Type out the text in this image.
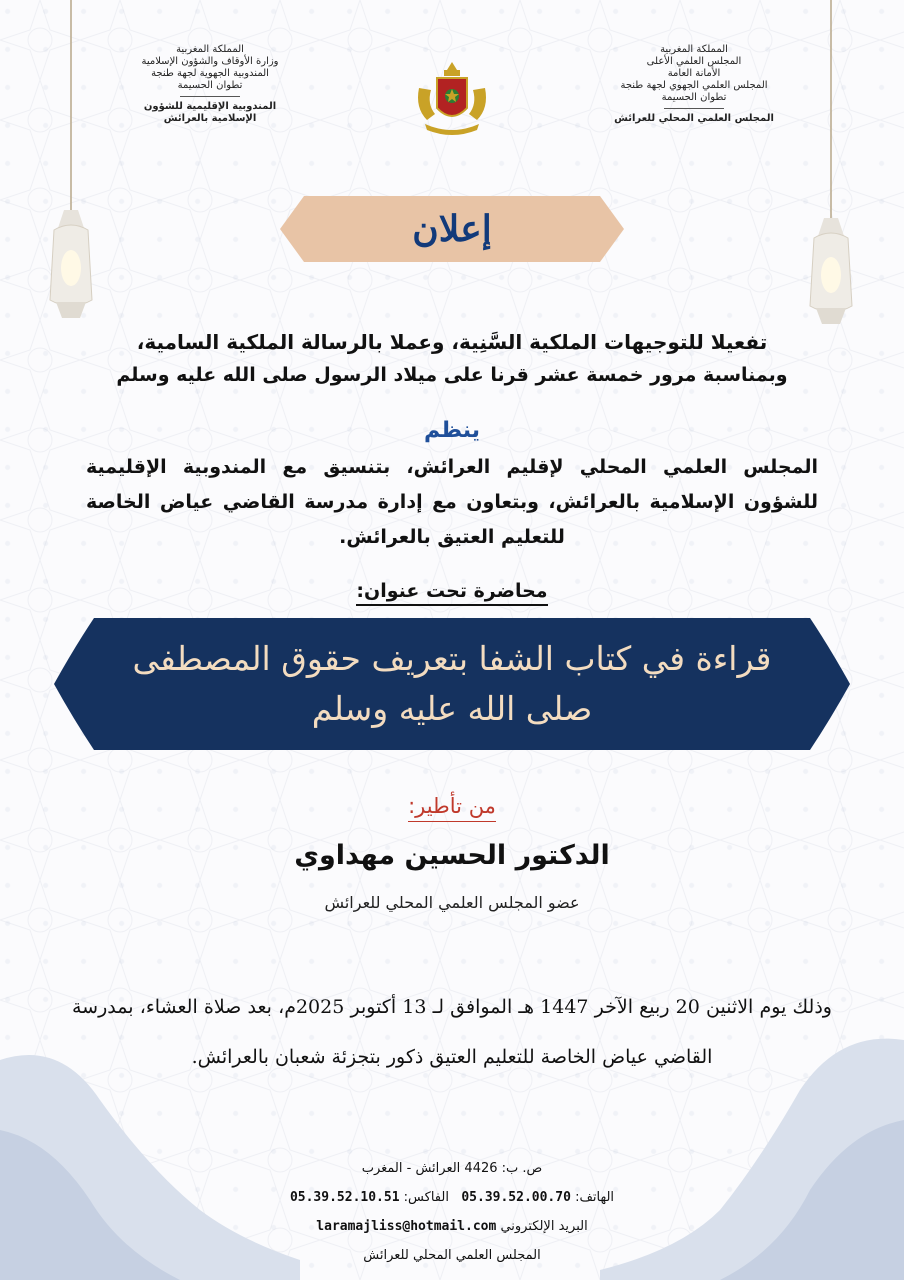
المملكة المغربية
المجلس العلمي الأعلى
الأمانة العامة
المجلس العلمي الجهوي لجهة طنجة
تطوان الحسيمة
المجلس العلمي المحلي للعرائش
المملكة المغربية
وزارة الأوقاف والشؤون الإسلامية
المندوبية الجهوية لجهة طنجة
تطوان الحسيمة
المندوبية الإقليمية للشؤون
الإسلامية بالعرائش
إعلان
تفعيلا للتوجيهات الملكية السَّنِية، وعملا بالرسالة الملكية السامية،
وبمناسبة مرور خمسة عشر قرنا على ميلاد الرسول صلى الله عليه وسلم
ينظم
المجلس العلمي المحلي لإقليم العرائش، بتنسيق مع المندوبية الإقليمية للشؤون الإسلامية بالعرائش، وبتعاون مع إدارة مدرسة القاضي عياض الخاصة للتعليم العتيق بالعرائش.
محاضرة تحت عنوان:
قراءة في كتاب الشفا بتعريف حقوق المصطفى
صلى الله عليه وسلم
من تأطير:
الدكتور الحسين مهداوي
عضو المجلس العلمي المحلي للعرائش
وذلك يوم الاثنين 20 ربيع الآخر 1447 هـ الموافق لـ 13 أكتوبر 2025م، بعد صلاة العشاء، بمدرسة القاضي عياض الخاصة للتعليم العتيق ذكور بتجزئة شعبان بالعرائش.
ص. ب: 4426 العرائش - المغرب
الهاتف: 05.39.52.00.70   الفاكس: 05.39.52.10.51
البريد الإلكتروني laramajliss@hotmail.com
المجلس العلمي المحلي للعرائش
